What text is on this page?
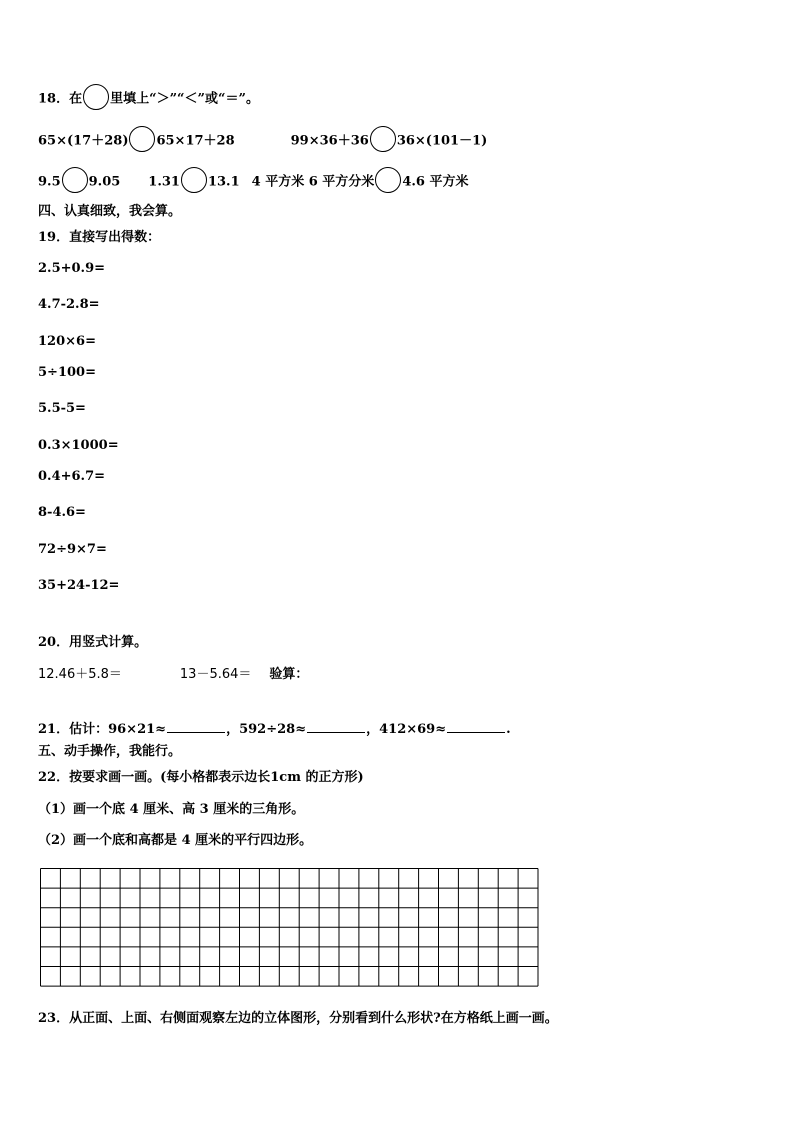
18．在 里填上“＞”“＜”或“＝”。
65×(17＋28) 65×17＋28	99×36＋36 36×(101－1)
9.5 9.05 1.31 13.1 4 平方米 6 平方分米 4.6 平方米
四、认真细致，我会算。
19．直接写出得数：
2.5+0.9=
4.7-2.8=
120×6=
5÷100=
5.5-5=
0.3×1000=
0.4+6.7=
8-4.6=
72÷9×7=
35+24-12=
20．用竖式计算。
12.46＋5.8＝	13－5.64＝ 验算：
21．估计：96×21≈	，592÷28≈	，412×69≈	.
五、动手操作，我能行。
22．按要求画一画。(每小格都表示边长1cm 的正方形)
（1）画一个底 4 厘米、高 3 厘米的三角形。
（2）画一个底和高都是 4 厘米的平行四边形。
23．从正面、上面、右侧面观察左边的立体图形，分别看到什么形状?在方格纸上画一画。
